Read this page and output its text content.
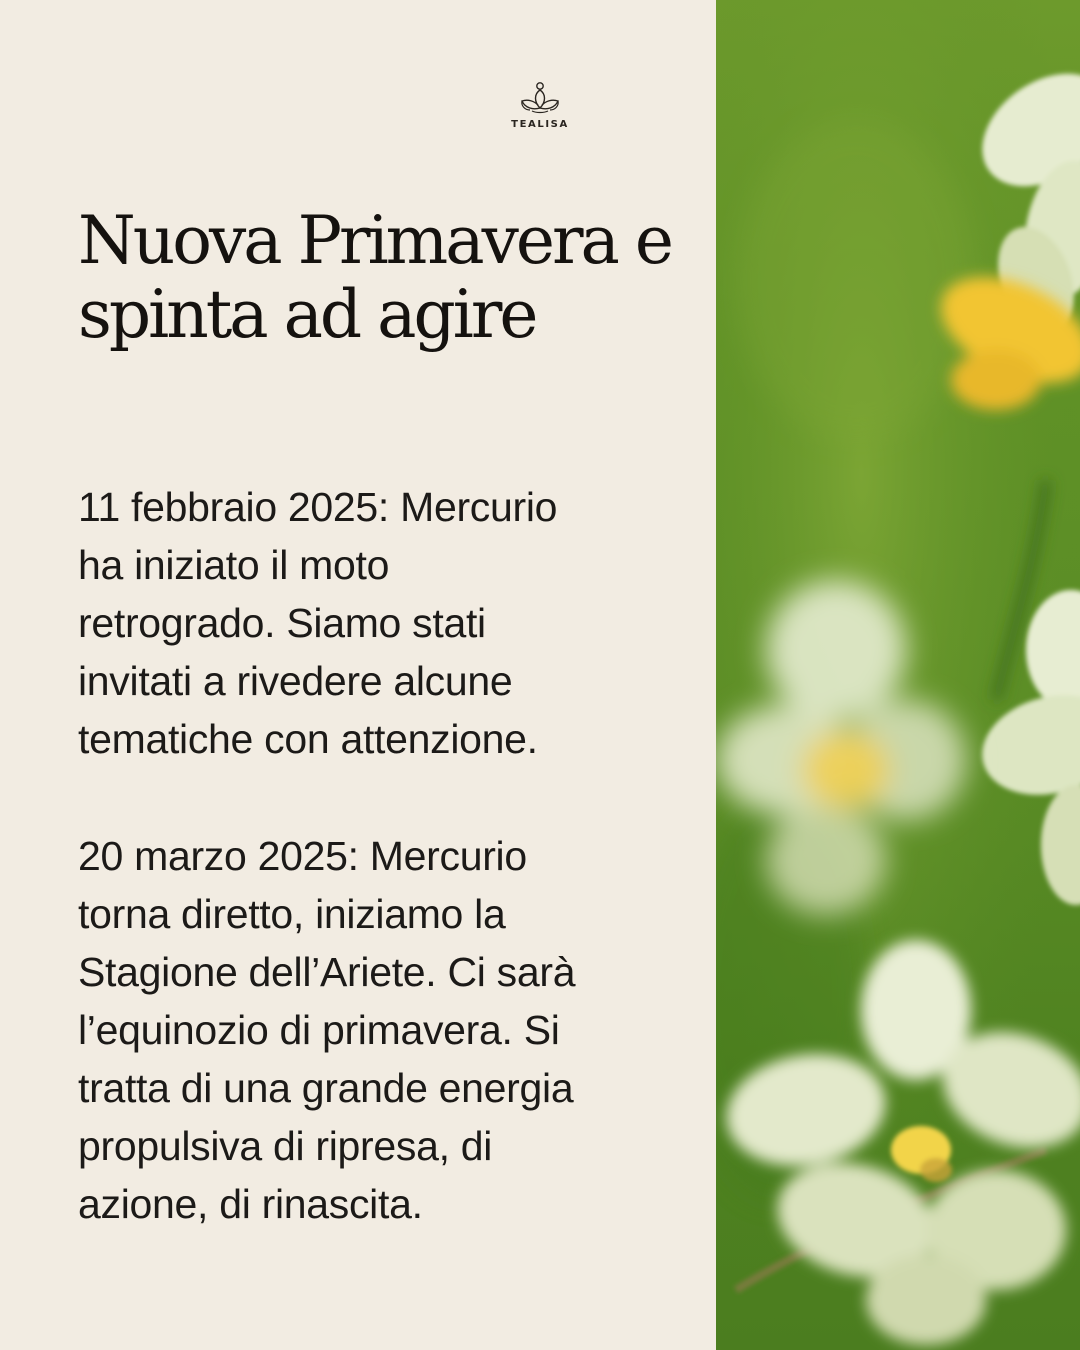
TEALISA
Nuova Primavera e
spinta ad agire

11 febbraio 2025: Mercurio
ha iniziato il moto
retrogrado. Siamo stati
invitati a rivedere alcune
tematiche con attenzione.

20 marzo 2025: Mercurio
torna diretto, iniziamo la
Stagione dell’Ariete. Ci sarà
l’equinozio di primavera. Si
tratta di una grande energia
propulsiva di ripresa, di
azione, di rinascita.
